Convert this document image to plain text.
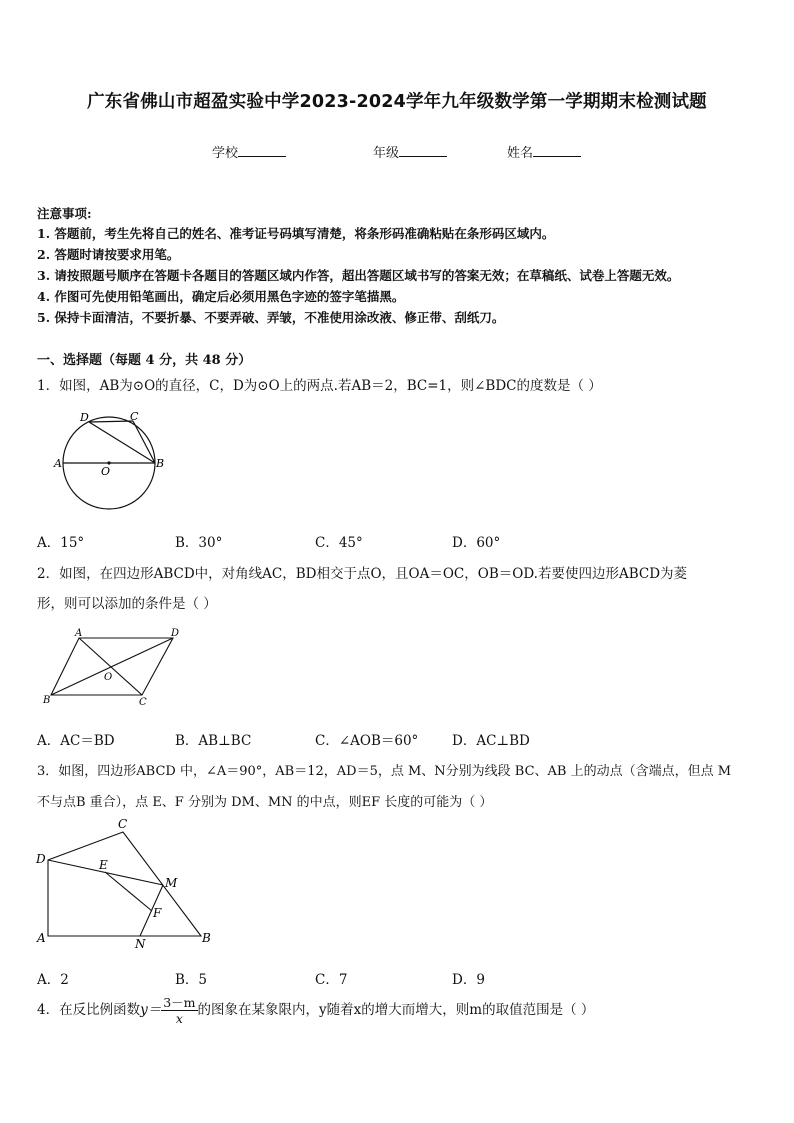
广东省佛山市超盈实验中学2023-2024学年九年级数学第一学期期末检测试题
学校	年级	姓名
注意事项:
1. 答题前，考生先将自己的姓名、准考证号码填写清楚，将条形码准确粘贴在条形码区域内。
2. 答题时请按要求用笔。
3. 请按照题号顺序在答题卡各题目的答题区域内作答，超出答题区域书写的答案无效；在草稿纸、试卷上答题无效。
4. 作图可先使用铅笔画出，确定后必须用黑色字迹的签字笔描黑。
5. 保持卡面清洁，不要折暴、不要弄破、弄皱，不准使用涂改液、修正带、刮纸刀。
一、选择题（每题 4 分，共 48 分）
1．如图，AB为⊙O的直径，C，D为⊙O上的两点.若AB＝2，BC=1，则∠BDC的度数是（ ）
D	C
A
O
B
A．15°	B．30°	C．45°	D．60°
2．如图，在四边形ABCD中，对角线AC，BD相交于点O，且OA＝OC，OB＝OD.若要使四边形ABCD为菱
形，则可以添加的条件是（ ）
A	D
O
B	C
A．AC＝BD	B．AB⊥BC	C．∠AOB＝60° D．AC⊥BD
3．如图，四边形ABCD 中，∠A＝90°，AB＝12，AD＝5，点 M、N分别为线段 BC、AB 上的动点（含端点，但点 M
不与点B 重合），点 E、F 分别为 DM、MN 的中点，则EF 长度的可能为（ ）
C
D	E
M
F
A	N	B
A．2	B．5	C．7	D．9
4．在反比例函数$y= \frac{3-m}{x}$ 的图象在某象限内，y随着x的增大而增大，则m的取值范围是（ ）
